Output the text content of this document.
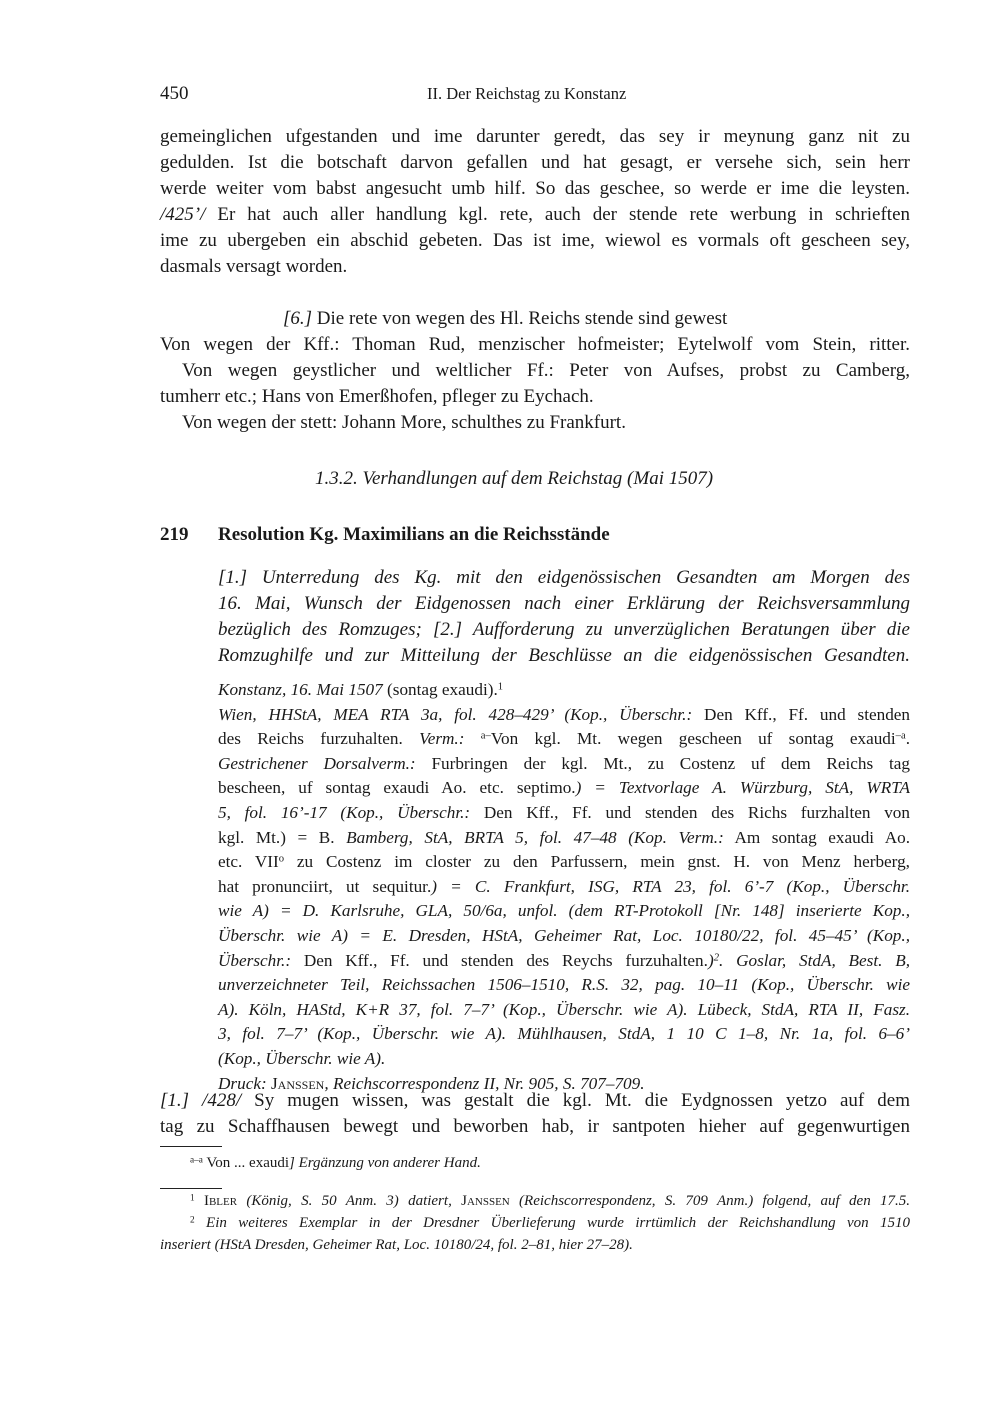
450	II. Der Reichstag zu Konstanz
gemeinglichen ufgestanden und ime darunter geredt, das sey ir meynung ganz nit zu
gedulden. Ist die botschaft darvon gefallen und hat gesagt, er versehe sich, sein herr
werde weiter vom babst angesucht umb hilf. So das geschee, so werde er ime die leysten.
/425’/ Er hat auch aller handlung kgl. rete, auch der stende rete werbung in schrieften
ime zu ubergeben ein abschid gebeten. Das ist ime, wiewol es vormals oft gescheen sey,
dasmals versagt worden.
[6.] Die rete von wegen des Hl. Reichs stende sind gewest
Von wegen der Kff.: Thoman Rud, menzischer hofmeister; Eytelwolf vom Stein, ritter.
Von wegen geystlicher und weltlicher Ff.: Peter von Aufses, probst zu Camberg,
tumherr etc.; Hans von Emerßhofen, pfleger zu Eychach.
Von wegen der stett: Johann More, schulthes zu Frankfurt.
1.3.2. Verhandlungen auf dem Reichstag (Mai 1507)
219 Resolution Kg. Maximilians an die Reichsstände
[1.] Unterredung des Kg. mit den eidgenössischen Gesandten am Morgen des
16. Mai, Wunsch der Eidgenossen nach einer Erklärung der Reichsversammlung
bezüglich des Romzuges; [2.] Aufforderung zu unverzüglichen Beratungen über die
Romzughilfe und zur Mitteilung der Beschlüsse an die eidgenössischen Gesandten.
Konstanz, 16. Mai 1507 (sontag exaudi).$^1$
Wien, HHStA, MEA RTA 3a, fol. 428–429’ (Kop., Überschr.: Den Kff., Ff. und stenden
des Reichs furzuhalten. Verm.: $^{a-}$Von kgl. Mt. wegen gescheen uf sontag exaudi$^{-a}$.
Gestrichener Dorsalverm.: Furbringen der kgl. Mt., zu Costenz uf dem Reichs tag
bescheen, uf sontag exaudi Ao. etc. septimo.) = Textvorlage A. Würzburg, StA, WRTA
5, fol. 16’-17 (Kop., Überschr.: Den Kff., Ff. und stenden des Richs furzhalten von
kgl. Mt.) = B. Bamberg, StA, BRTA 5, fol. 47–48 (Kop. Verm.: Am sontag exaudi Ao.
etc. VII$^o$ zu Costenz im closter zu den Parfussern, mein gnst. H. von Menz herberg,
hat pronunciirt, ut sequitur.) = C. Frankfurt, ISG, RTA 23, fol. 6’-7 (Kop., Überschr.
wie A) = D. Karlsruhe, GLA, 50/6a, unfol. (dem RT-Protokoll [Nr. 148] inserierte Kop.,
Überschr. wie A) = E. Dresden, HStA, Geheimer Rat, Loc. 10180/22, fol. 45–45’ (Kop.,
Überschr.: Den Kff., Ff. und stenden des Reychs furzuhalten.)$^2$. Goslar, StdA, Best. B,
unverzeichneter Teil, Reichssachen 1506–1510, R.S. 32, pag. 10–11 (Kop., Überschr. wie
A). Köln, HAStd, K+R 37, fol. 7–7’ (Kop., Überschr. wie A). Lübeck, StdA, RTA II, Fasz.
3, fol. 7–7’ (Kop., Überschr. wie A). Mühlhausen, StdA, 1 10 C 1–8, Nr. 1a, fol. 6–6’
(Kop., Überschr. wie A).
Druck: Janssen, Reichscorrespondenz II, Nr. 905, S. 707–709.
[1.] /428/ Sy mugen wissen, was gestalt die kgl. Mt. die Eydgnossen yetzo auf dem
tag zu Schaffhausen bewegt und beworben hab, ir santpoten hieher auf gegenwurtigen
$^{a-a}$ Von ... exaudi] Ergänzung von anderer Hand.
$^1$ Ibler (König, S. 50 Anm. 3) datiert, Janssen (Reichscorrespondenz, S. 709 Anm.) folgend, auf den 17.5.
$^2$ Ein weiteres Exemplar in der Dresdner Überlieferung wurde irrtümlich der Reichshandlung von 1510
inseriert (HStA Dresden, Geheimer Rat, Loc. 10180/24, fol. 2–81, hier 27–28).
